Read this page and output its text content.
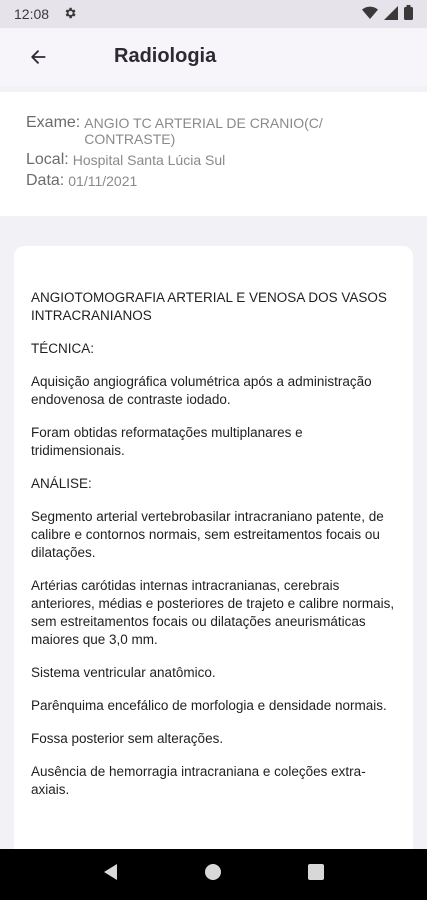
12:08
Radiologia
Exame: ANGIO TC ARTERIAL DE CRANIO(C/ CONTRASTE)
Local: Hospital Santa Lúcia Sul
Data: 01/11/2021

ANGIOTOMOGRAFIA ARTERIAL E VENOSA DOS VASOS INTRACRANIANOS

TÉCNICA:

Aquisição angiográfica volumétrica após a administração endovenosa de contraste iodado.

Foram obtidas reformatações multiplanares e tridimensionais.

ANÁLISE:

Segmento arterial vertebrobasilar intracraniano patente, de calibre e contornos normais, sem estreitamentos focais ou dilatações.

Artérias carótidas internas intracranianas, cerebrais anteriores, médias e posteriores de trajeto e calibre normais, sem estreitamentos focais ou dilatações aneurismáticas maiores que 3,0 mm.

Sistema ventricular anatômico.

Parênquima encefálico de morfologia e densidade normais.

Fossa posterior sem alterações.

Ausência de hemorragia intracraniana e coleções extra-axiais.
